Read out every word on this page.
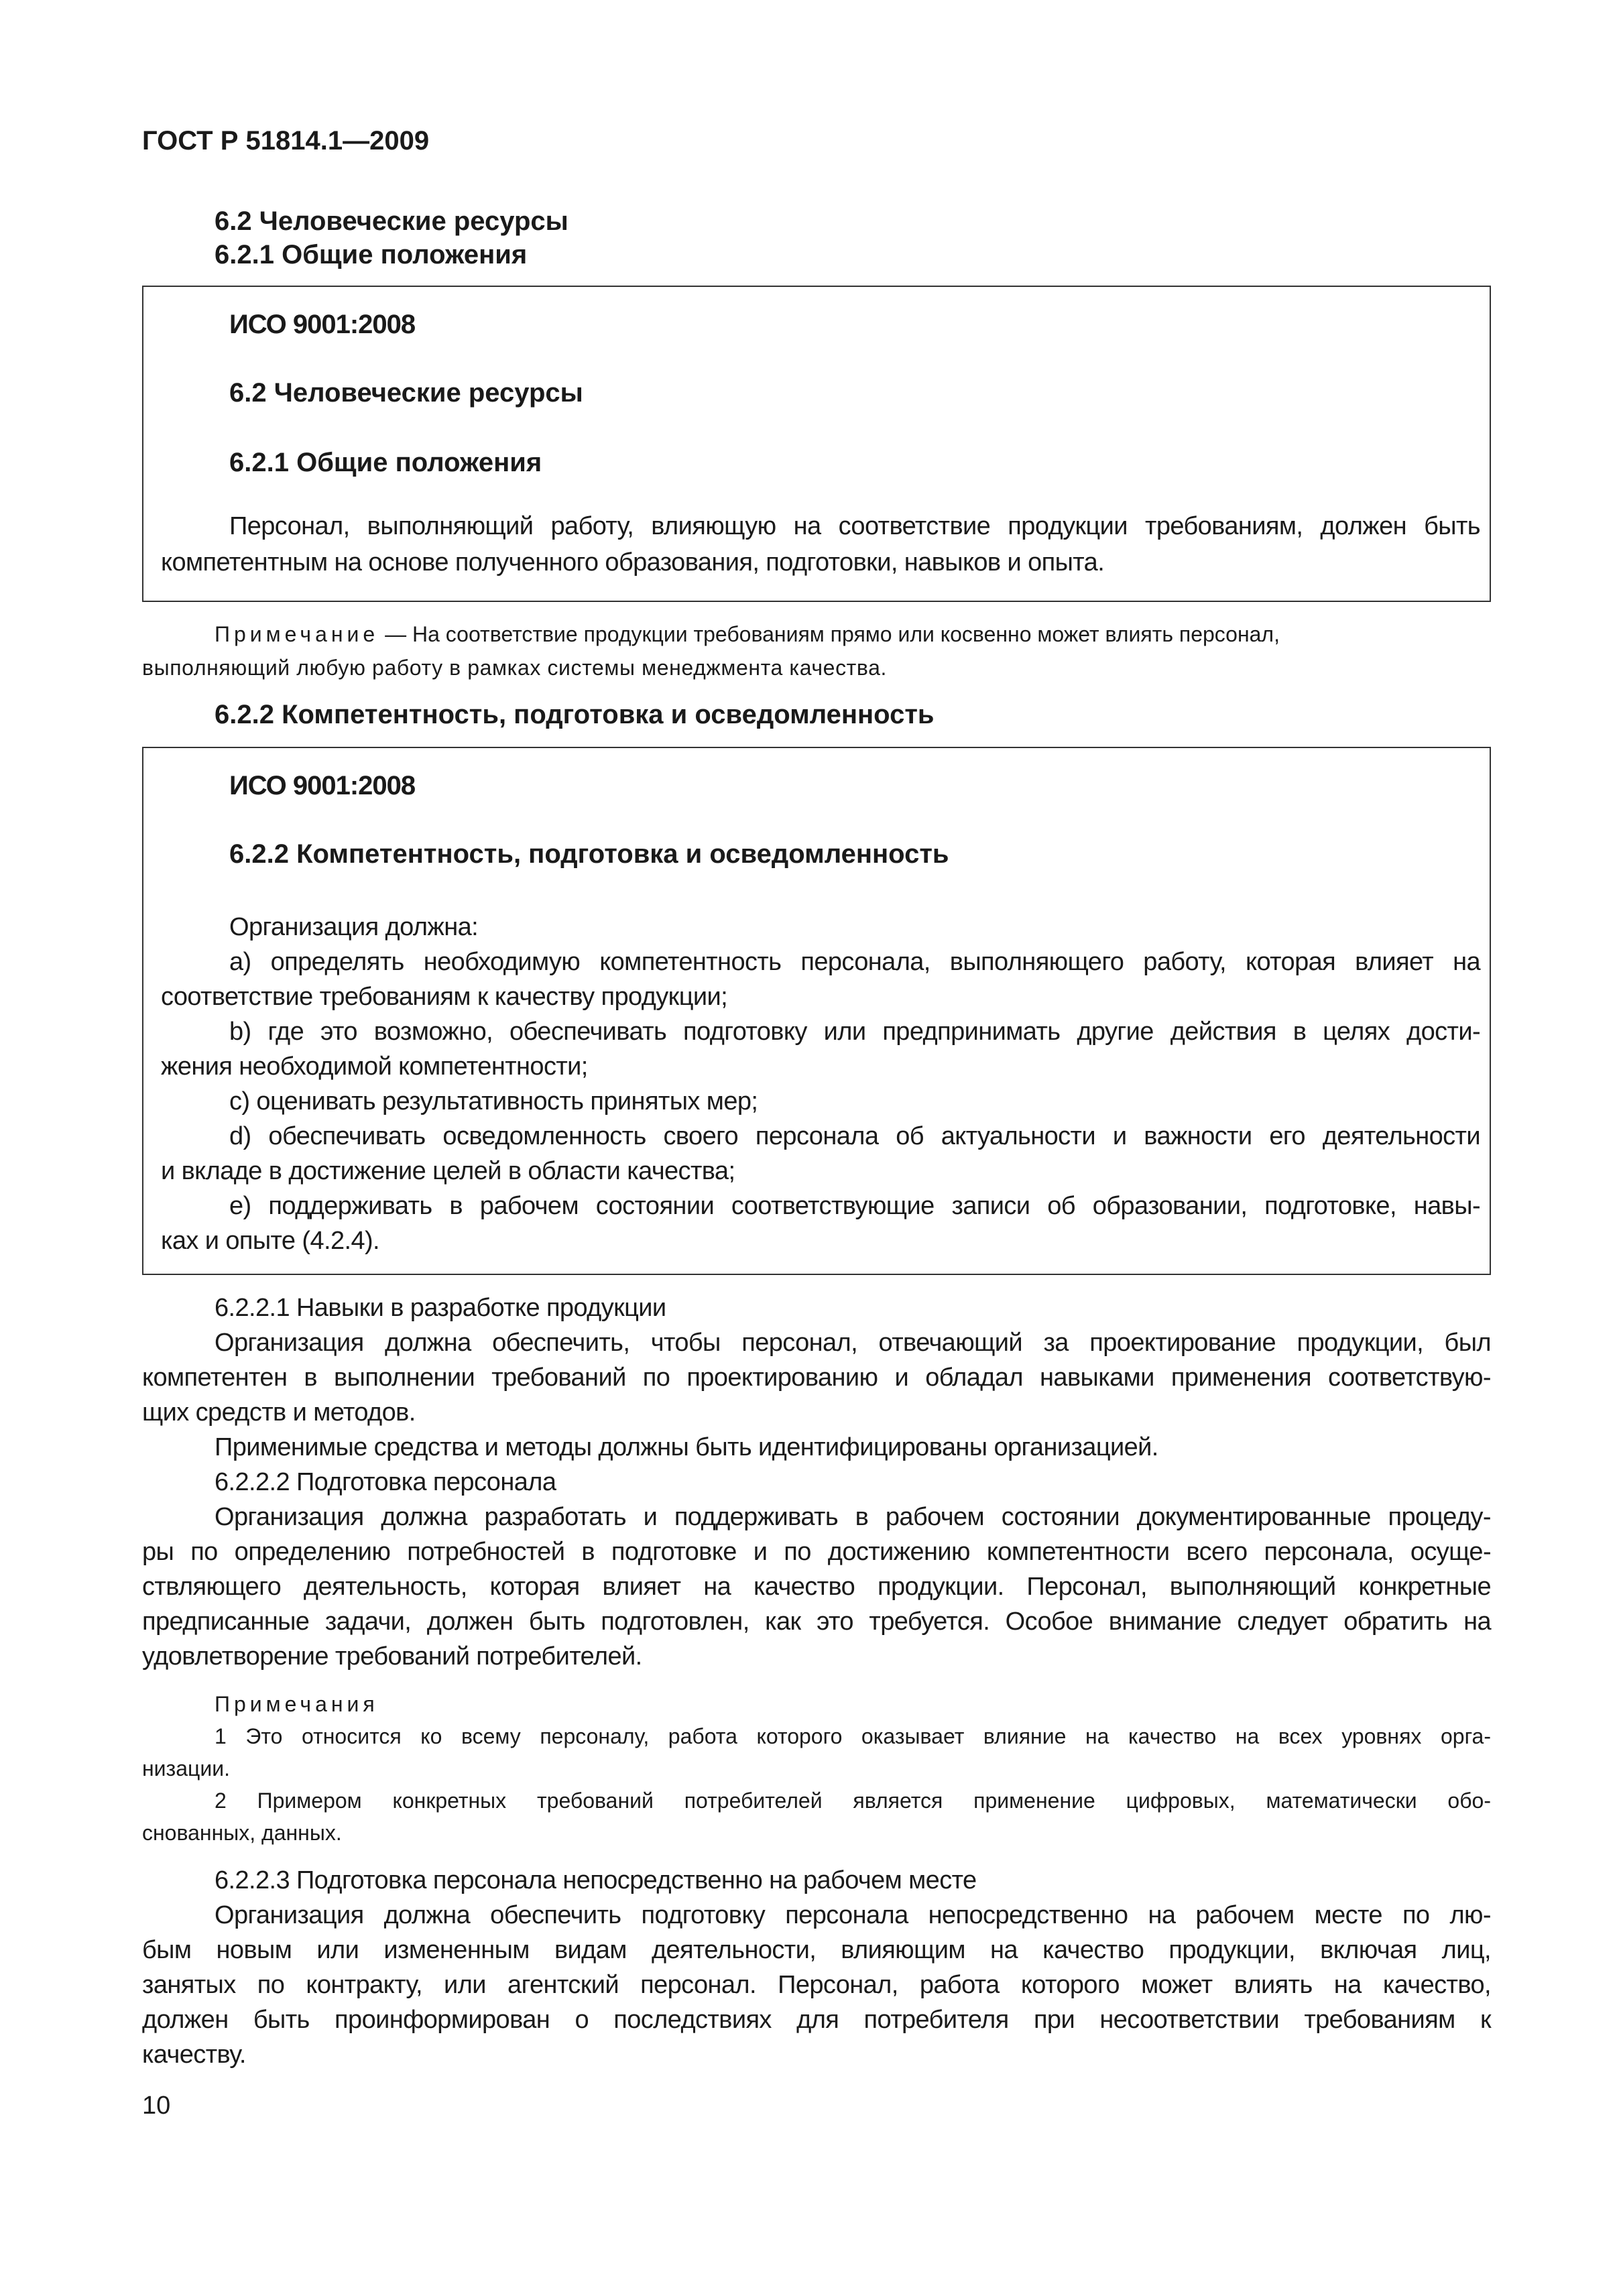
ГОСТ Р 51814.1—2009
6.2 Человеческие ресурсы
6.2.1 Общие положения
ИСО 9001:2008
6.2 Человеческие ресурсы
6.2.1 Общие положения
Персонал, выполняющий работу, влияющую на соответствие продукции требованиям, должен быть
компетентным на основе полученного образования, подготовки, навыков и опыта.
Примечание — На соответствие продукции требованиям прямо или косвенно может влиять персонал,
выполняющий любую работу в рамках системы менеджмента качества.
6.2.2 Компетентность, подготовка и осведомленность
ИСО 9001:2008
6.2.2 Компетентность, подготовка и осведомленность
Организация должна:
а) определять необходимую компетентность персонала, выполняющего работу, которая влияет на
соответствие требованиям к качеству продукции;
b) где это возможно, обеспечивать подготовку или предпринимать другие действия в целях дости-
жения необходимой компетентности;
с) оценивать результативность принятых мер;
d) обеспечивать осведомленность своего персонала об актуальности и важности его деятельности
и вкладе в достижение целей в области качества;
е) поддерживать в рабочем состоянии соответствующие записи об образовании, подготовке, навы-
ках и опыте (4.2.4).
6.2.2.1 Навыки в разработке продукции
Организация должна обеспечить, чтобы персонал, отвечающий за проектирование продукции, был
компетентен в выполнении требований по проектированию и обладал навыками применения соответствую-
щих средств и методов.
Применимые средства и методы должны быть идентифицированы организацией.
6.2.2.2 Подготовка персонала
Организация должна разработать и поддерживать в рабочем состоянии документированные процеду-
ры по определению потребностей в подготовке и по достижению компетентности всего персонала, осуще-
ствляющего деятельность, которая влияет на качество продукции. Персонал, выполняющий конкретные
предписанные задачи, должен быть подготовлен, как это требуется. Особое внимание следует обратить на
удовлетворение требований потребителей.
Примечания
1 Это относится ко всему персоналу, работа которого оказывает влияние на качество на всех уровнях орга-
низации.
2 Примером конкретных требований потребителей является применение цифровых, математически обо-
снованных, данных.
6.2.2.3 Подготовка персонала непосредственно на рабочем месте
Организация должна обеспечить подготовку персонала непосредственно на рабочем месте по лю-
бым новым или измененным видам деятельности, влияющим на качество продукции, включая лиц,
занятых по контракту, или агентский персонал. Персонал, работа которого может влиять на качество,
должен быть проинформирован о последствиях для потребителя при несоответствии требованиям к
качеству.
10
